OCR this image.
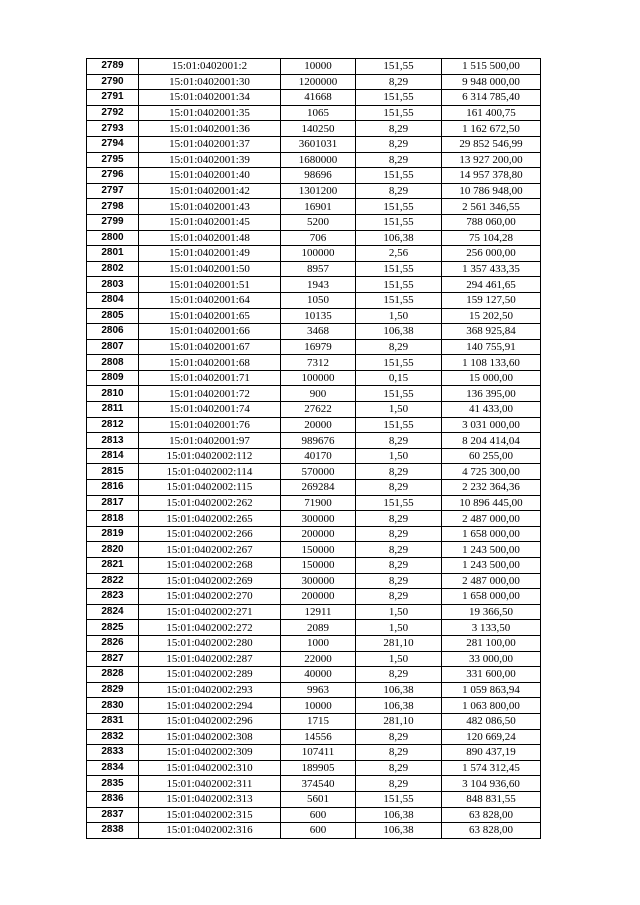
2789	15:01:0402001:2	10000	151,55	1 515 500,00
2790	15:01:0402001:30	1200000	8,29	9 948 000,00
2791	15:01:0402001:34	41668	151,55	6 314 785,40
2792	15:01:0402001:35	1065	151,55	161 400,75
2793	15:01:0402001:36	140250	8,29	1 162 672,50
2794	15:01:0402001:37	3601031	8,29	29 852 546,99
2795	15:01:0402001:39	1680000	8,29	13 927 200,00
2796	15:01:0402001:40	98696	151,55	14 957 378,80
2797	15:01:0402001:42	1301200	8,29	10 786 948,00
2798	15:01:0402001:43	16901	151,55	2 561 346,55
2799	15:01:0402001:45	5200	151,55	788 060,00
2800	15:01:0402001:48	706	106,38	75 104,28
2801	15:01:0402001:49	100000	2,56	256 000,00
2802	15:01:0402001:50	8957	151,55	1 357 433,35
2803	15:01:0402001:51	1943	151,55	294 461,65
2804	15:01:0402001:64	1050	151,55	159 127,50
2805	15:01:0402001:65	10135	1,50	15 202,50
2806	15:01:0402001:66	3468	106,38	368 925,84
2807	15:01:0402001:67	16979	8,29	140 755,91
2808	15:01:0402001:68	7312	151,55	1 108 133,60
2809	15:01:0402001:71	100000	0,15	15 000,00
2810	15:01:0402001:72	900	151,55	136 395,00
2811	15:01:0402001:74	27622	1,50	41 433,00
2812	15:01:0402001:76	20000	151,55	3 031 000,00
2813	15:01:0402001:97	989676	8,29	8 204 414,04
2814	15:01:0402002:112	40170	1,50	60 255,00
2815	15:01:0402002:114	570000	8,29	4 725 300,00
2816	15:01:0402002:115	269284	8,29	2 232 364,36
2817	15:01:0402002:262	71900	151,55	10 896 445,00
2818	15:01:0402002:265	300000	8,29	2 487 000,00
2819	15:01:0402002:266	200000	8,29	1 658 000,00
2820	15:01:0402002:267	150000	8,29	1 243 500,00
2821	15:01:0402002:268	150000	8,29	1 243 500,00
2822	15:01:0402002:269	300000	8,29	2 487 000,00
2823	15:01:0402002:270	200000	8,29	1 658 000,00
2824	15:01:0402002:271	12911	1,50	19 366,50
2825	15:01:0402002:272	2089	1,50	3 133,50
2826	15:01:0402002:280	1000	281,10	281 100,00
2827	15:01:0402002:287	22000	1,50	33 000,00
2828	15:01:0402002:289	40000	8,29	331 600,00
2829	15:01:0402002:293	9963	106,38	1 059 863,94
2830	15:01:0402002:294	10000	106,38	1 063 800,00
2831	15:01:0402002:296	1715	281,10	482 086,50
2832	15:01:0402002:308	14556	8,29	120 669,24
2833	15:01:0402002:309	107411	8,29	890 437,19
2834	15:01:0402002:310	189905	8,29	1 574 312,45
2835	15:01:0402002:311	374540	8,29	3 104 936,60
2836	15:01:0402002:313	5601	151,55	848 831,55
2837	15:01:0402002:315	600	106,38	63 828,00
2838	15:01:0402002:316	600	106,38	63 828,00
